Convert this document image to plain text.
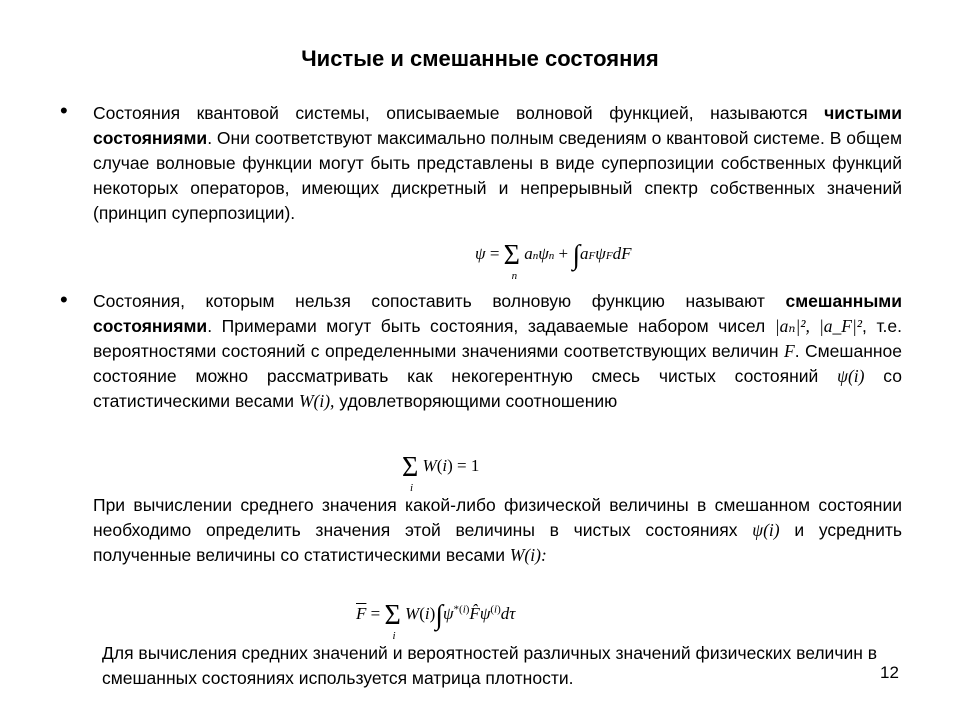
Чистые и смешанные состояния
• Состояния квантовой системы, описываемые волновой функцией, называются чистыми состояниями. Они соответствуют максимально полным сведениям о квантовой системе. В общем случае волновые функции могут быть представлены в виде суперпозиции собственных функций некоторых операторов, имеющих дискретный и непрерывный спектр собственных значений (принцип суперпозиции).
ψ = Σ
n
anψn + ∫aFψFdF
• Состояния, которым нельзя сопоставить волновую функцию называют смешанными состояниями. Примерами могут быть состояния, задаваемые набором чисел |aₙ|², |a_F|², т.е. вероятностями состояний с определенными значениями соответствующих величин F. Смешанное состояние можно рассматривать как некогерентную смесь чистых состояний ψ(i) со статистическими весами W(i), удовлетворяющими соотношению
Σ
i
W(i) = 1
При вычислении среднего значения какой-либо физической величины в смешанном состоянии необходимо определить значения этой величины в чистых состояниях ψ(i) и усреднить полученные величины со статистическими весами W(i):
$\overline{F} = \Sigma$
i
$W(i)\int\psi^{*(i)}F̂\psi^{(i)}d\tau$
Для вычисления средних значений и вероятностей различных значений физических величин в смешанных состояниях используется матрица плотности.	12
